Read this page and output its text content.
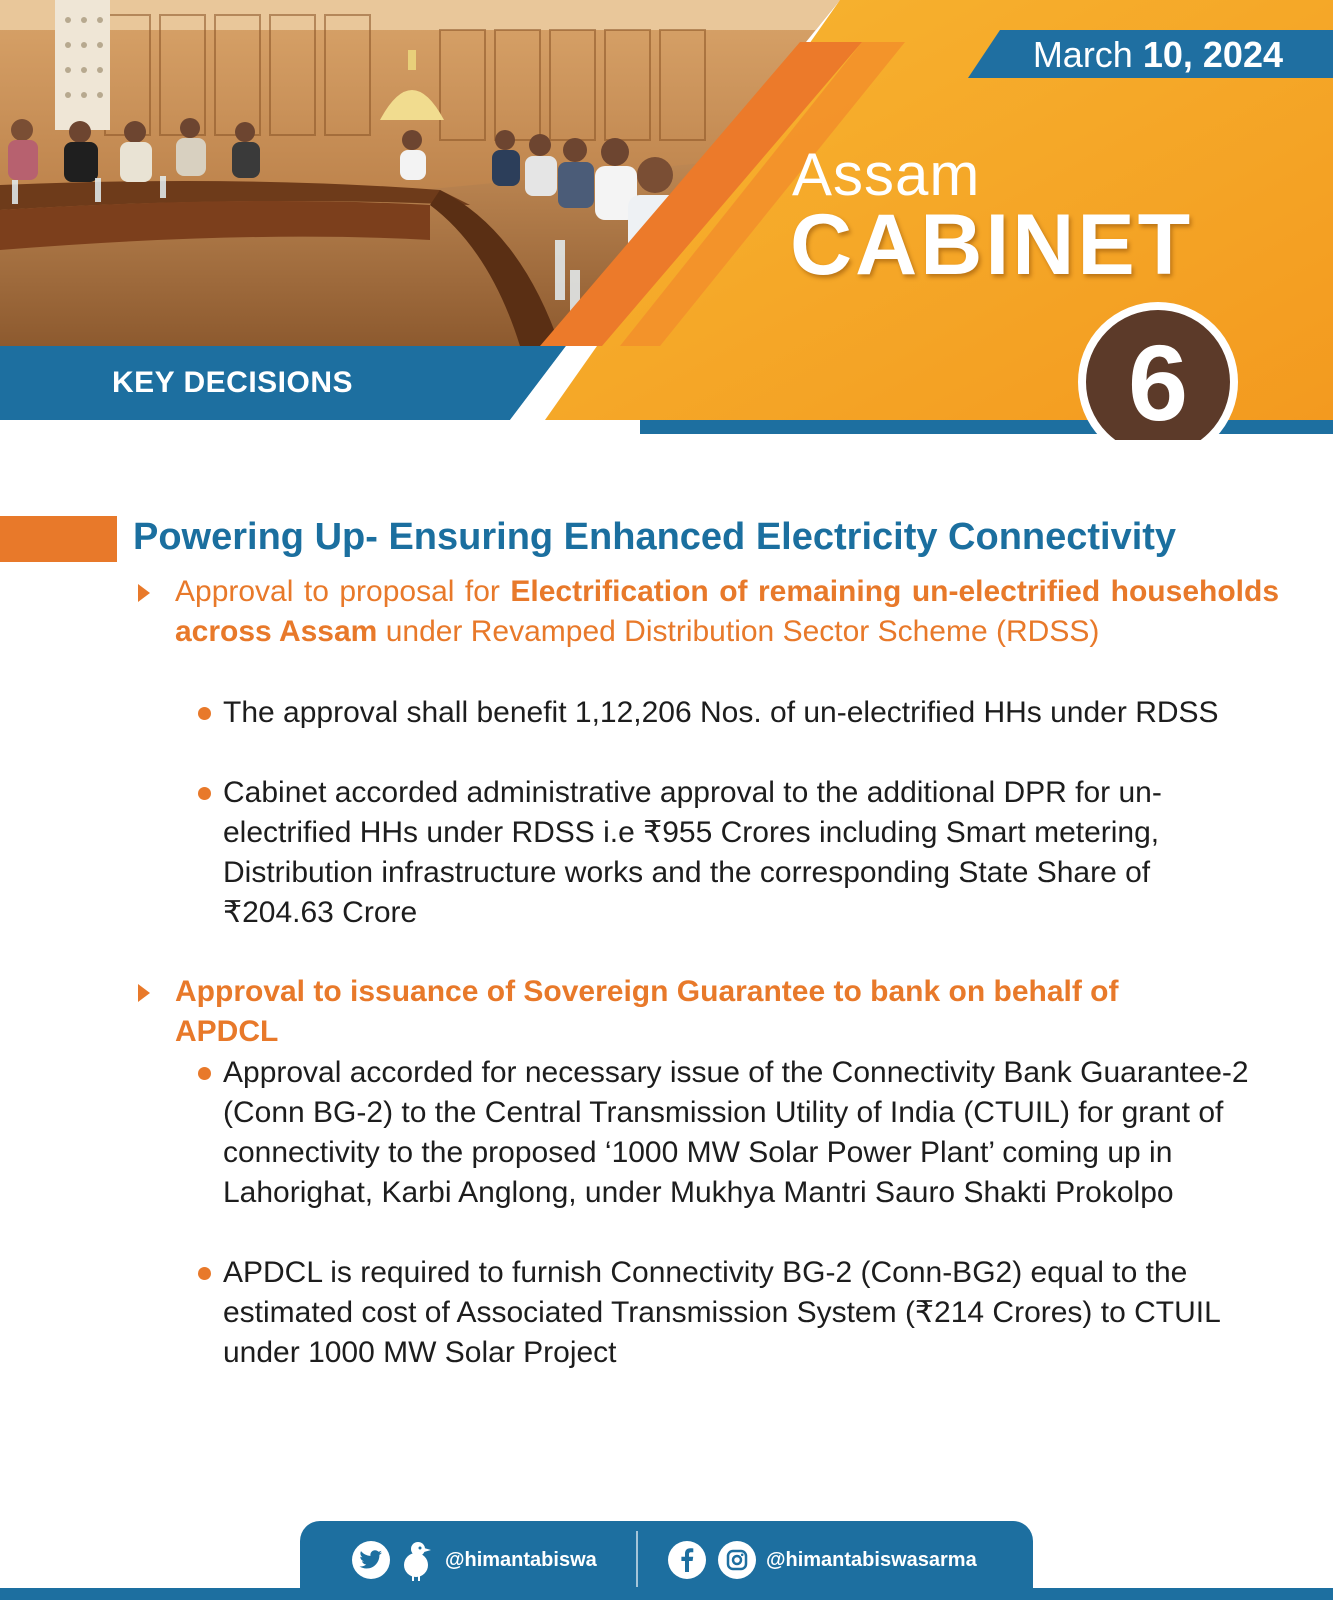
March 10, 2024
Assam
CABINET
KEY DECISIONS	6
Powering Up- Ensuring Enhanced Electricity Connectivity
Approval to proposal for Electrification of remaining un-electrified households across Assam under Revamped Distribution Sector Scheme (RDSS)
The approval shall benefit 1,12,206 Nos. of un-electrified HHs under RDSS
Cabinet accorded administrative approval to the additional DPR for un-electrified HHs under RDSS i.e ₹955 Crores including Smart metering, Distribution infrastructure works and the corresponding State Share of ₹204.63 Crore
Approval to issuance of Sovereign Guarantee to bank on behalf of APDCL
Approval accorded for necessary issue of the Connectivity Bank Guarantee-2 (Conn BG-2) to the Central Transmission Utility of India (CTUIL) for grant of connectivity to the proposed ‘1000 MW Solar Power Plant’ coming up in Lahorighat, Karbi Anglong, under Mukhya Mantri Sauro Shakti Prokolpo
APDCL is required to furnish Connectivity BG-2 (Conn-BG2) equal to the estimated cost of Associated Transmission System (₹214 Crores) to CTUIL under 1000 MW Solar Project
@himantabiswa	@himantabiswasarma
